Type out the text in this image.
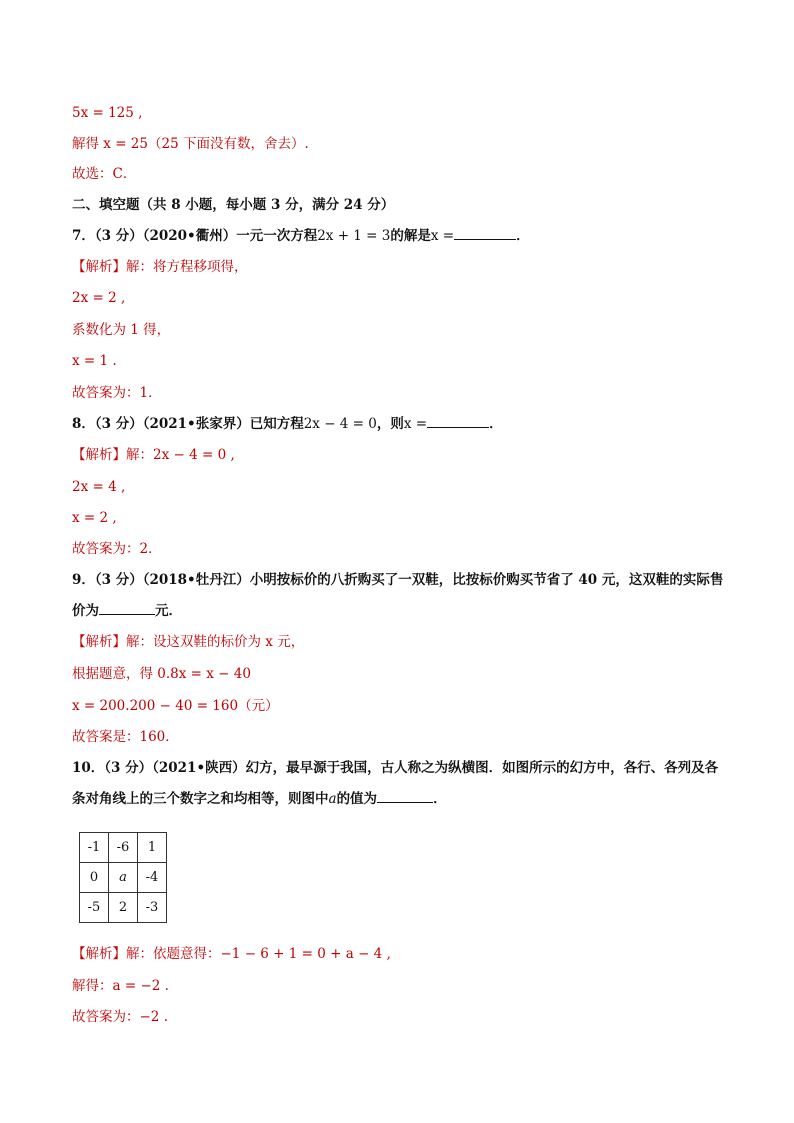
5x = 125 ,
解得 x = 25（25 下面没有数，舍去）.
故选：C．
二、填空题（共 8 小题，每小题 3 分，满分 24 分）
7．（3 分）（2020•衢州）一元一次方程2x + 1 = 3的解是x =	．
【解析】解：将方程移项得，
2x = 2 ,
系数化为 1 得，
x = 1 .
故答案为：1．
8．（3 分）（2021•张家界）已知方程2x − 4 = 0，则x =	．
【解析】解：2x − 4 = 0 ,
2x = 4 ,
x = 2 ,
故答案为：2．
9．（3 分）（2018•牡丹江）小明按标价的八折购买了一双鞋，比按标价购买节省了 40 元，这双鞋的实际售
价为	元．
【解析】解：设这双鞋的标价为 x 元，
根据题意，得 0.8x = x − 40
x = 200.200 − 40 = 160（元）
故答案是：160．
10．（3 分）（2021•陕西）幻方，最早源于我国，古人称之为纵横图．如图所示的幻方中，各行、各列及各
条对角线上的三个数字之和均相等，则图中a的值为	．
-1	-6	1
0	a	-4
-5	2	-3
【解析】解：依题意得：−1 − 6 + 1 = 0 + a − 4 ,
解得：a = −2 .
故答案为：−2 .
